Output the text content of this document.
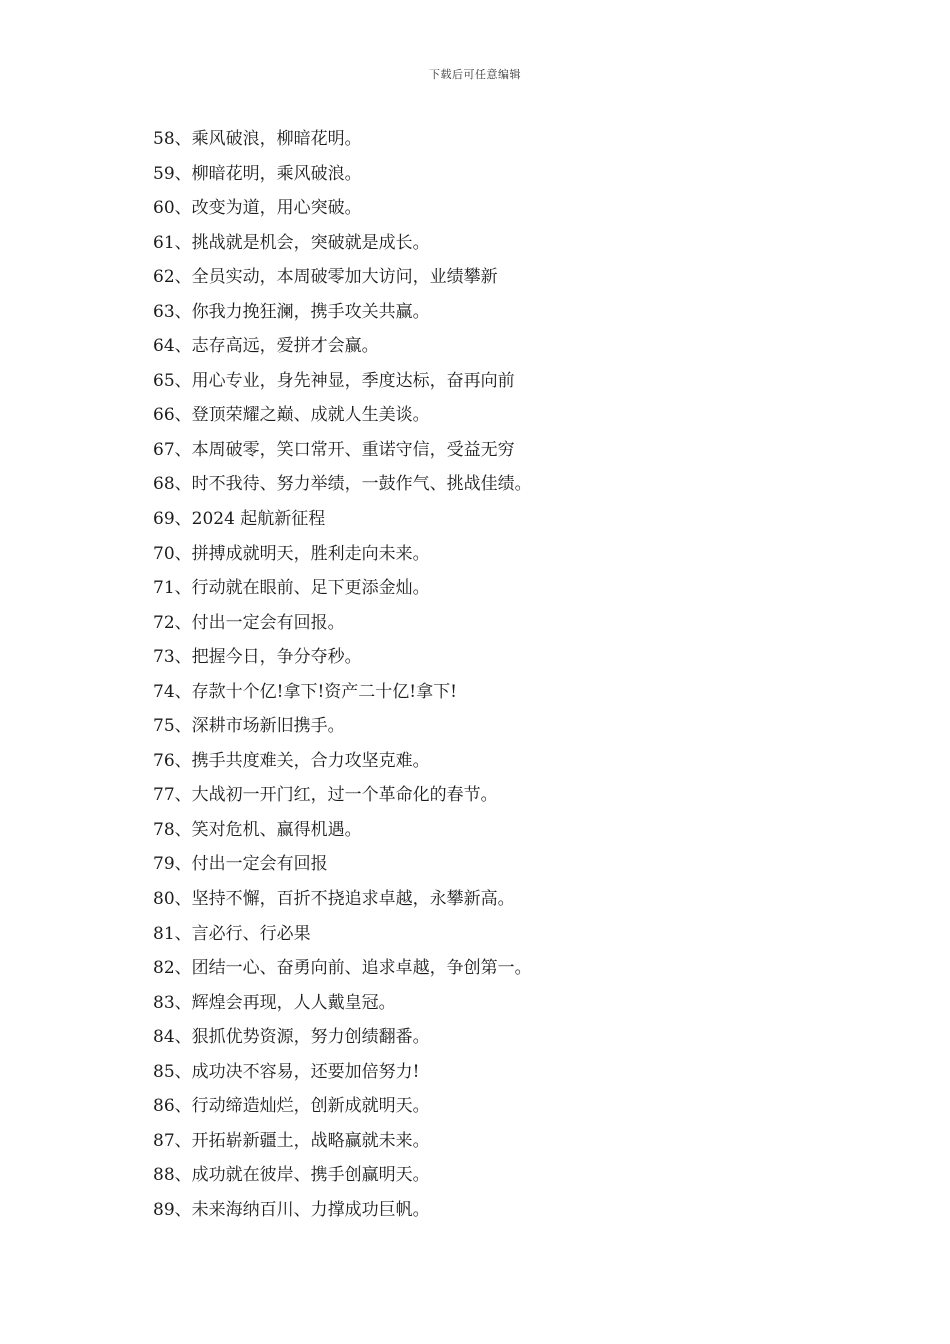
下载后可任意编辑
58、乘风破浪，柳暗花明。
59、柳暗花明，乘风破浪。
60、改变为道，用心突破。
61、挑战就是机会，突破就是成长。
62、全员实动，本周破零加大访问，业绩攀新
63、你我力挽狂澜，携手攻关共赢。
64、志存高远，爱拼才会赢。
65、用心专业，身先神显，季度达标，奋再向前
66、登顶荣耀之巅、成就人生美谈。
67、本周破零，笑口常开、重诺守信，受益无穷
68、时不我待、努力举绩，一鼓作气、挑战佳绩。
69、2024 起航新征程
70、拼搏成就明天，胜利走向未来。
71、行动就在眼前、足下更添金灿。
72、付出一定会有回报。
73、把握今日，争分夺秒。
74、存款十个亿!拿下!资产二十亿!拿下!
75、深耕市场新旧携手。
76、携手共度难关，合力攻坚克难。
77、大战初一开门红，过一个革命化的春节。
78、笑对危机、赢得机遇。
79、付出一定会有回报
80、坚持不懈，百折不挠追求卓越，永攀新高。
81、言必行、行必果
82、团结一心、奋勇向前、追求卓越，争创第一。
83、辉煌会再现，人人戴皇冠。
84、狠抓优势资源，努力创绩翻番。
85、成功决不容易，还要加倍努力!
86、行动缔造灿烂，创新成就明天。
87、开拓崭新疆土，战略赢就未来。
88、成功就在彼岸、携手创赢明天。
89、未来海纳百川、力撑成功巨帆。
